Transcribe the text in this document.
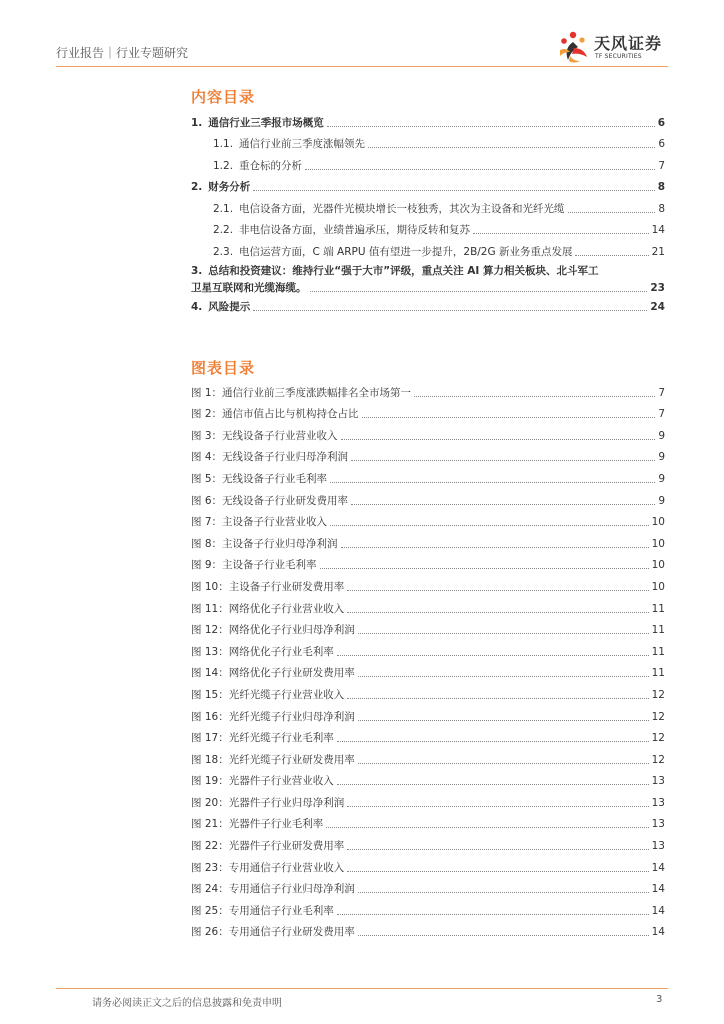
行业报告｜行业专题研究	天风证券
TF SECURITIES
内容目录
1. 通信行业三季报市场概览	6
1.1. 通信行业前三季度涨幅领先	6
1.2. 重仓标的分析	7
2. 财务分析	8
2.1. 电信设备方面，光器件光模块增长一枝独秀，其次为主设备和光纤光缆	8
2.2. 非电信设备方面，业绩普遍承压，期待反转和复苏	14
2.3. 电信运营方面，C 端 ARPU 值有望进一步提升，2B/2G 新业务重点发展	21
3. 总结和投资建议：维持行业“强于大市”评级，重点关注 AI 算力相关板块、北斗军工
卫星互联网和光缆海缆。	23
4. 风险提示	24
图表目录
图 1：通信行业前三季度涨跌幅排名全市场第一	7
图 2：通信市值占比与机构持仓占比	7
图 3：无线设备子行业营业收入	9
图 4：无线设备子行业归母净利润	9
图 5：无线设备子行业毛利率	9
图 6：无线设备子行业研发费用率	9
图 7：主设备子行业营业收入	10
图 8：主设备子行业归母净利润	10
图 9：主设备子行业毛利率	10
图 10：主设备子行业研发费用率	10
图 11：网络优化子行业营业收入	11
图 12：网络优化子行业归母净利润	11
图 13：网络优化子行业毛利率	11
图 14：网络优化子行业研发费用率	11
图 15：光纤光缆子行业营业收入	12
图 16：光纤光缆子行业归母净利润	12
图 17：光纤光缆子行业毛利率	12
图 18：光纤光缆子行业研发费用率	12
图 19：光器件子行业营业收入	13
图 20：光器件子行业归母净利润	13
图 21：光器件子行业毛利率	13
图 22：光器件子行业研发费用率	13
图 23：专用通信子行业营业收入	14
图 24：专用通信子行业归母净利润	14
图 25：专用通信子行业毛利率	14
图 26：专用通信子行业研发费用率	14
请务必阅读正文之后的信息披露和免责申明	3
